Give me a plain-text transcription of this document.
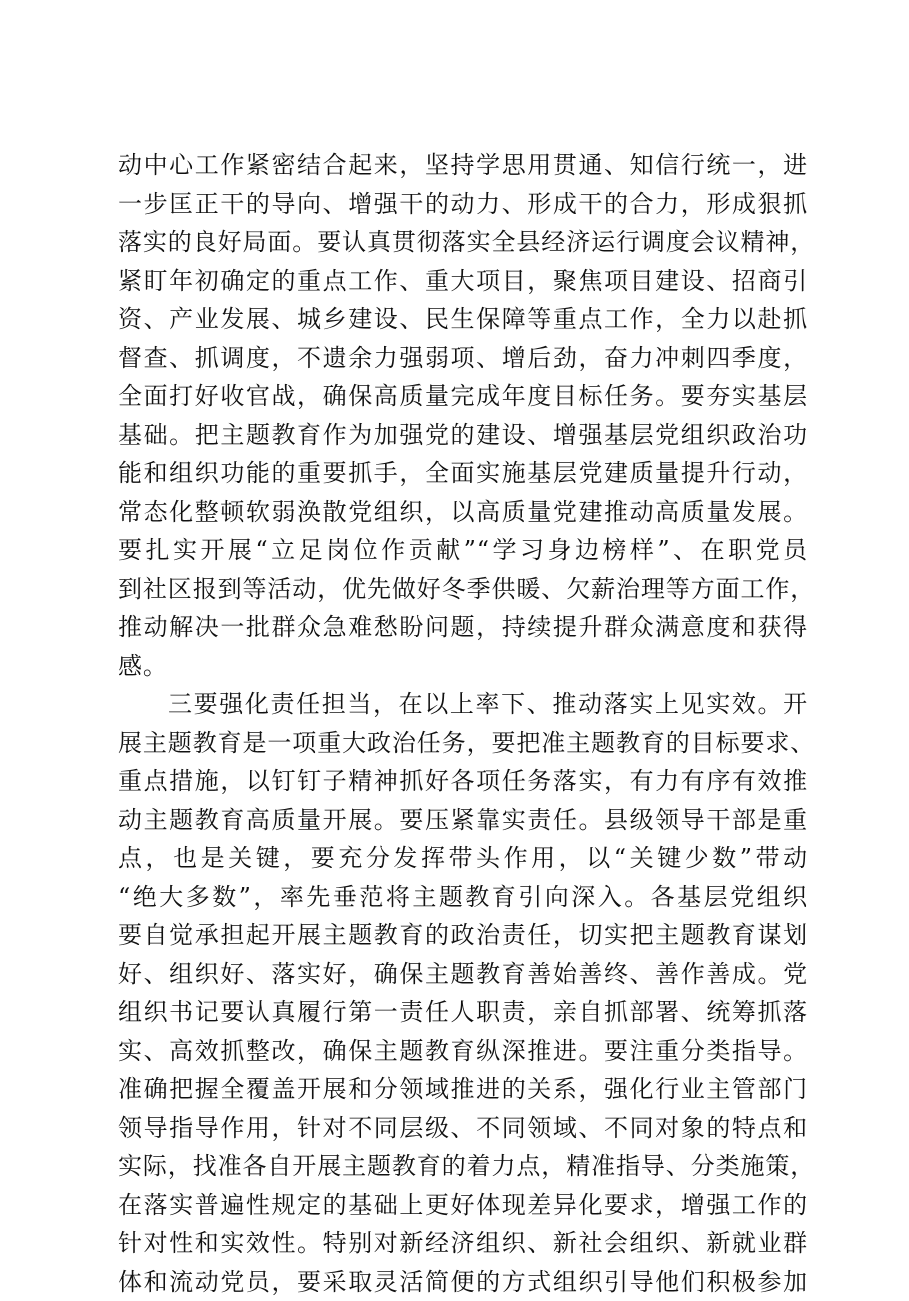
动中心工作紧密结合起来，坚持学思用贯通、知信行统一，进
一步匡正干的导向、增强干的动力、形成干的合力，形成狠抓
落实的良好局面。要认真贯彻落实全县经济运行调度会议精神，
紧盯年初确定的重点工作、重大项目，聚焦项目建设、招商引
资、产业发展、城乡建设、民生保障等重点工作，全力以赴抓
督查、抓调度，不遗余力强弱项、增后劲，奋力冲刺四季度，
全面打好收官战，确保高质量完成年度目标任务。要夯实基层
基础。把主题教育作为加强党的建设、增强基层党组织政治功
能和组织功能的重要抓手，全面实施基层党建质量提升行动，
常态化整顿软弱涣散党组织，以高质量党建推动高质量发展。
要扎实开展“立足岗位作贡献”“学习身边榜样”、在职党员
到社区报到等活动，优先做好冬季供暖、欠薪治理等方面工作，
推动解决一批群众急难愁盼问题，持续提升群众满意度和获得
感。
三要强化责任担当，在以上率下、推动落实上见实效。开
展主题教育是一项重大政治任务，要把准主题教育的目标要求、
重点措施，以钉钉子精神抓好各项任务落实，有力有序有效推
动主题教育高质量开展。要压紧靠实责任。县级领导干部是重
点，也是关键，要充分发挥带头作用，以“关键少数”带动
“绝大多数”，率先垂范将主题教育引向深入。各基层党组织
要自觉承担起开展主题教育的政治责任，切实把主题教育谋划
好、组织好、落实好，确保主题教育善始善终、善作善成。党
组织书记要认真履行第一责任人职责，亲自抓部署、统筹抓落
实、高效抓整改，确保主题教育纵深推进。要注重分类指导。
准确把握全覆盖开展和分领域推进的关系，强化行业主管部门
领导指导作用，针对不同层级、不同领域、不同对象的特点和
实际，找准各自开展主题教育的着力点，精准指导、分类施策，
在落实普遍性规定的基础上更好体现差异化要求，增强工作的
针对性和实效性。特别对新经济组织、新社会组织、新就业群
体和流动党员，要采取灵活简便的方式组织引导他们积极参加
